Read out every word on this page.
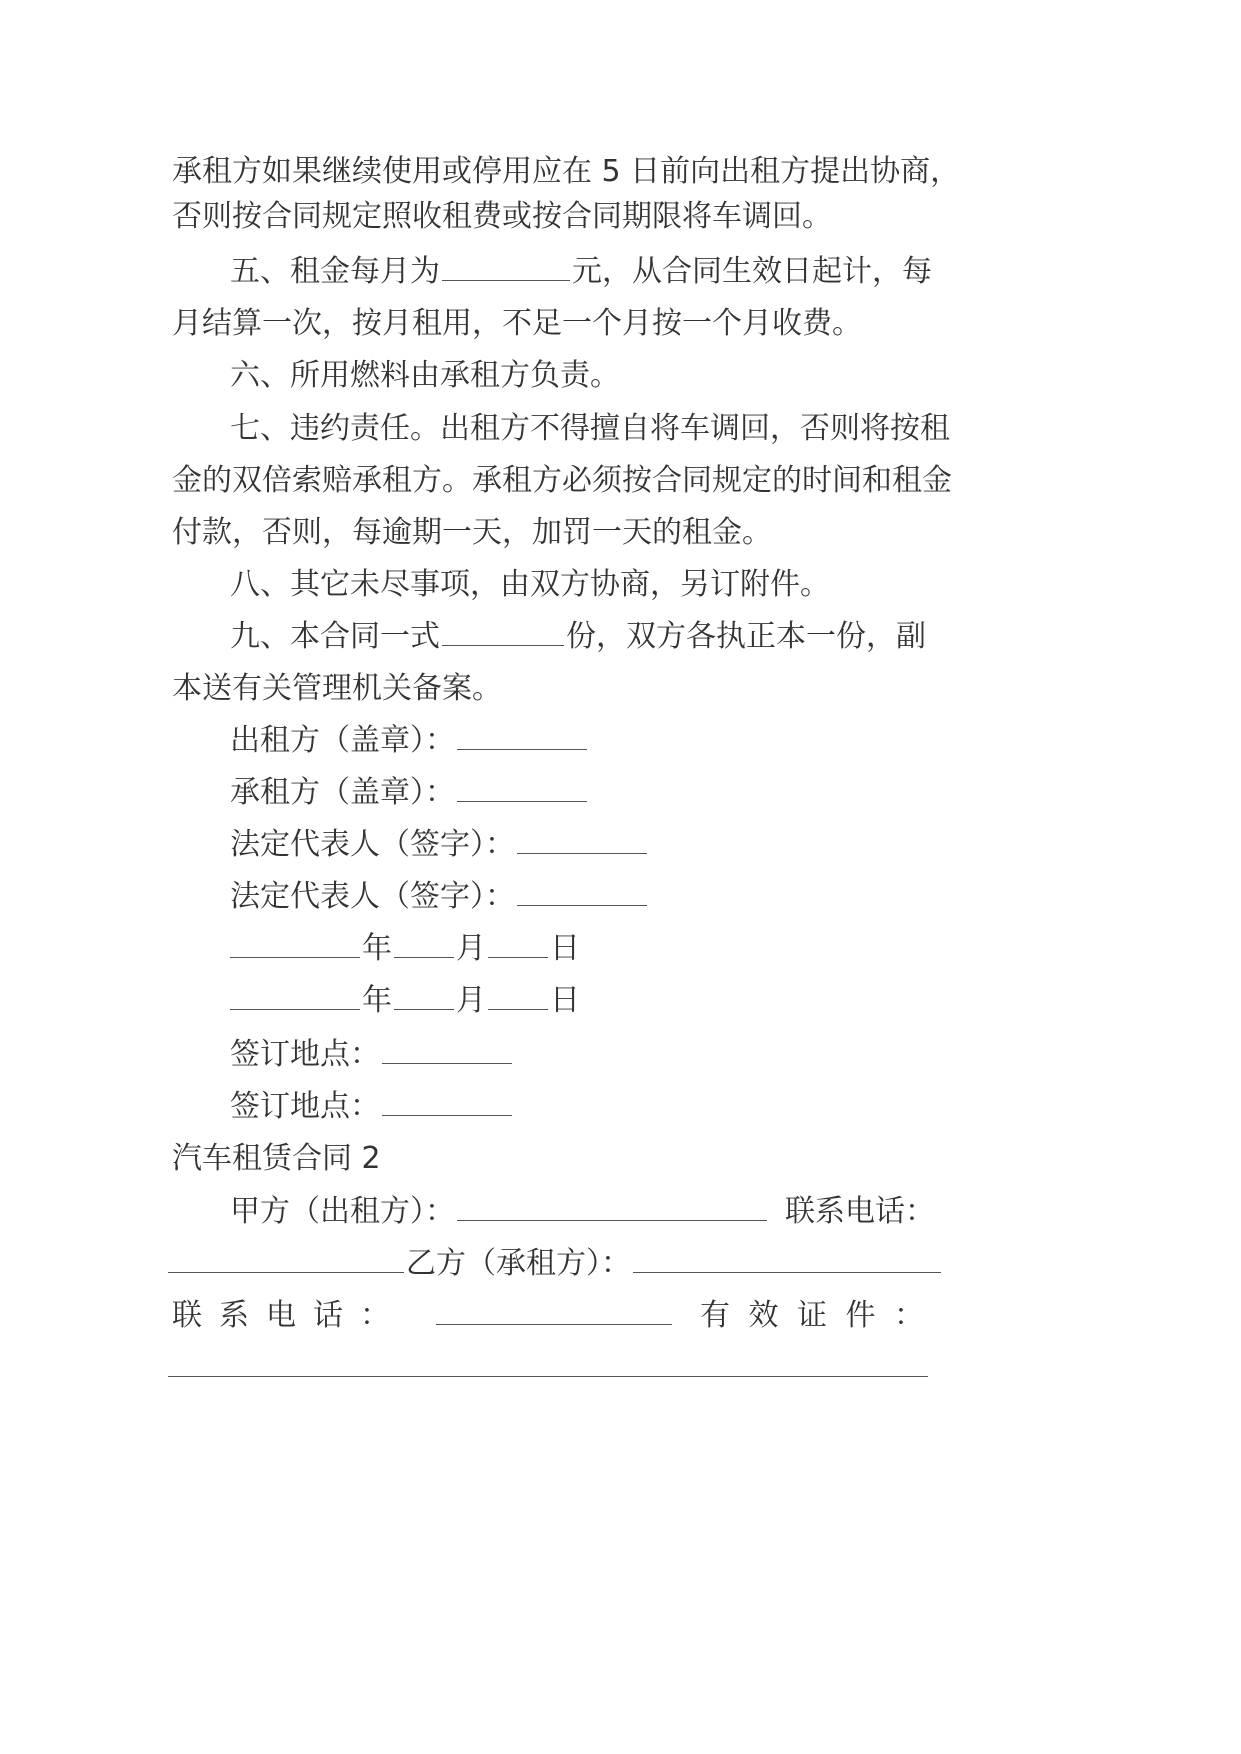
承租方如果继续使用或停用应在 5 日前向出租方提出协商，
否则按合同规定照收租费或按合同期限将车调回。
五、租金每月为	元，从合同生效日起计，每
月结算一次，按月租用，不足一个月按一个月收费。
六、所用燃料由承租方负责。
七、违约责任。出租方不得擅自将车调回，否则将按租
金的双倍索赔承租方。承租方必须按合同规定的时间和租金
付款，否则，每逾期一天，加罚一天的租金。
八、其它未尽事项，由双方协商，另订附件。
九、本合同一式	份，双方各执正本一份，副
本送有关管理机关备案。
出租方（盖章）：
承租方（盖章）：
法定代表人（签字）：
法定代表人（签字）：
年 月 日
年 月 日
签订地点：
签订地点：
汽车租赁合同 2
甲方（出租方）：	联系电话：
乙方（承租方）：
联 系 电 话 ：	有 效 证 件 ：
